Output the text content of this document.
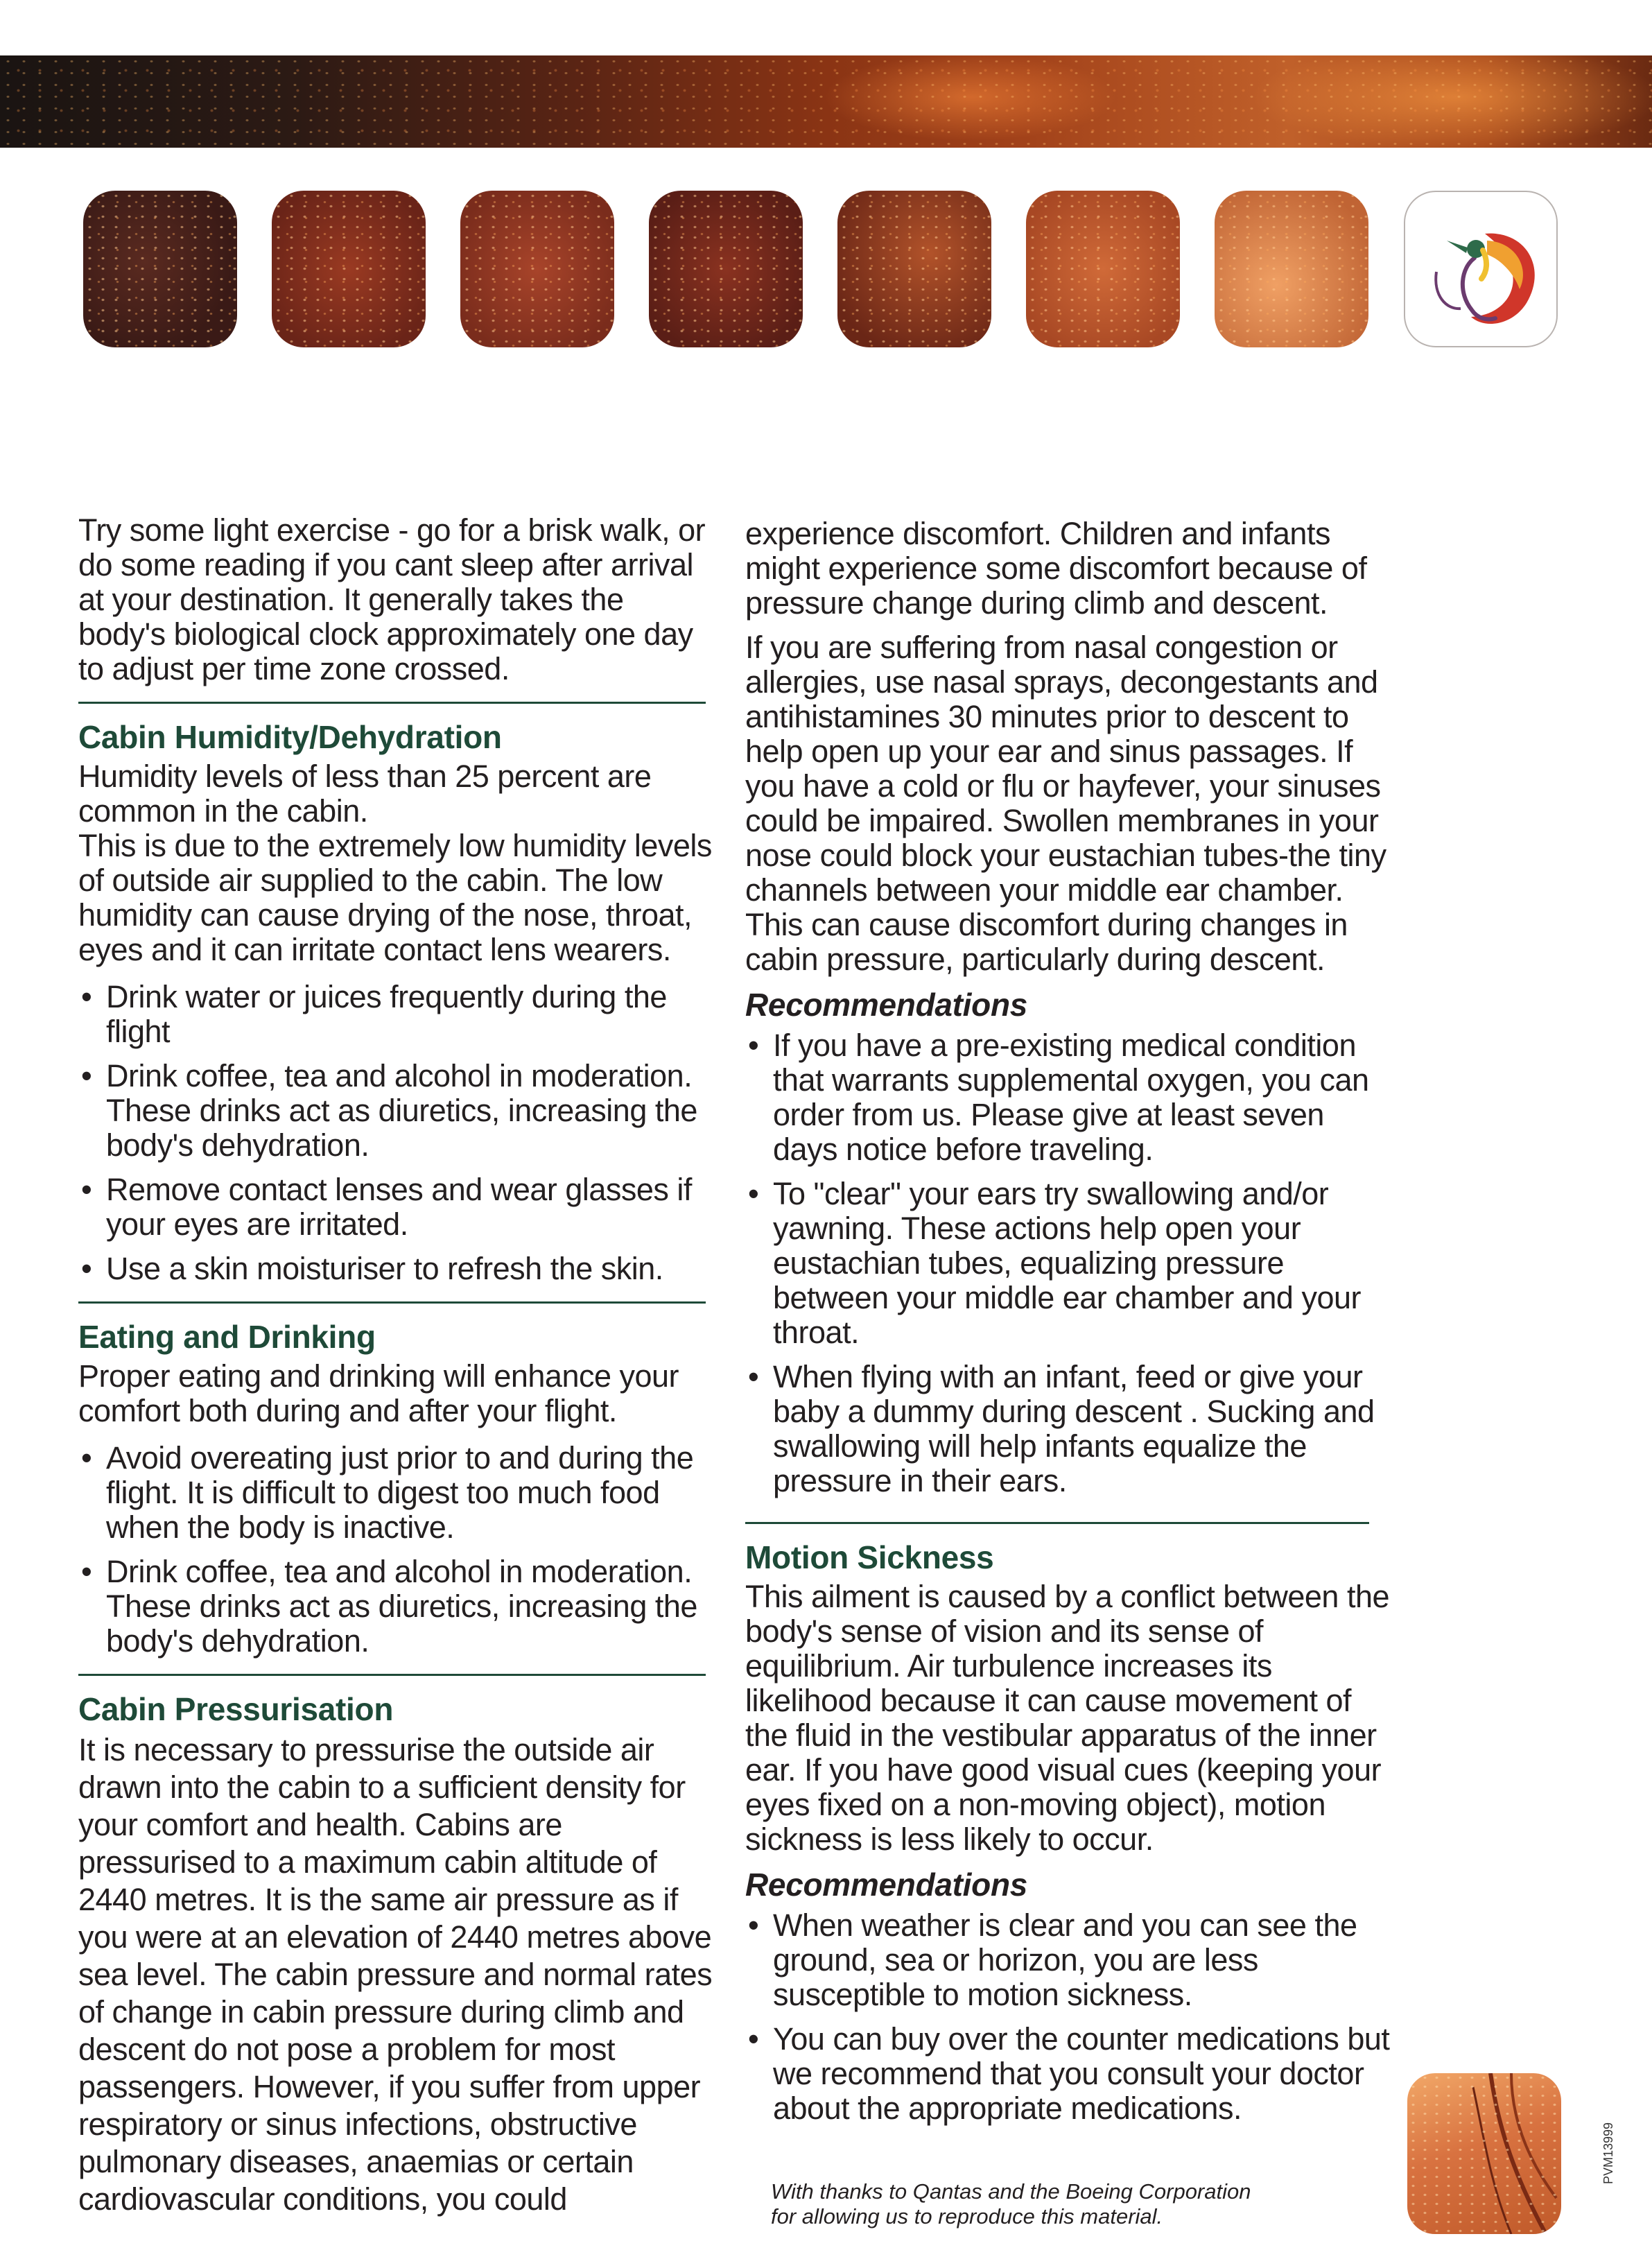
Try some light exercise - go for a brisk walk, or do some reading if you cant sleep after arrival at your destination. It generally takes the body's biological clock approximately one day to adjust per time zone crossed.

Cabin Humidity/Dehydration

Humidity levels of less than 25 percent are common in the cabin.

This is due to the extremely low humidity levels of outside air supplied to the cabin. The low humidity can cause drying of the nose, throat, eyes and it can irritate contact lens wearers.

• Drink water or juices frequently during the flight
• Drink coffee, tea and alcohol in moderation. These drinks act as diuretics, increasing the body's dehydration.
• Remove contact lenses and wear glasses if your eyes are irritated.
• Use a skin moisturiser to refresh the skin.
Eating and Drinking

Proper eating and drinking will enhance your comfort both during and after your flight.

• Avoid overeating just prior to and during the flight. It is difficult to digest too much food when the body is inactive.
• Drink coffee, tea and alcohol in moderation. These drinks act as diuretics, increasing the body's dehydration.
Cabin Pressurisation

It is necessary to pressurise the outside air drawn into the cabin to a sufficient density for your comfort and health. Cabins are pressurised to a maximum cabin altitude of 2440 metres. It is the same air pressure as if you were at an elevation of 2440 metres above sea level. The cabin pressure and normal rates of change in cabin pressure during climb and descent do not pose a problem for most passengers. However, if you suffer from upper respiratory or sinus infections, obstructive pulmonary diseases, anaemias or certain cardiovascular conditions, you could

experience discomfort. Children and infants might experience some discomfort because of pressure change during climb and descent.

If you are suffering from nasal congestion or allergies, use nasal sprays, decongestants and antihistamines 30 minutes prior to descent to help open up your ear and sinus passages. If you have a cold or flu or hayfever, your sinuses could be impaired. Swollen membranes in your nose could block your eustachian tubes-the tiny channels between your middle ear chamber. This can cause discomfort during changes in cabin pressure, particularly during descent.

Recommendations
• If you have a pre-existing medical condition that warrants supplemental oxygen, you can order from us. Please give at least seven days notice before traveling.
• To "clear" your ears try swallowing and/or yawning. These actions help open your eustachian tubes, equalizing pressure between your middle ear chamber and your throat.
• When flying with an infant, feed or give your baby a dummy during descent . Sucking and swallowing will help infants equalize the pressure in their ears.
Motion Sickness

This ailment is caused by a conflict between the body's sense of vision and its sense of equilibrium. Air turbulence increases its likelihood because it can cause movement of the fluid in the vestibular apparatus of the inner ear. If you have good visual cues (keeping your eyes fixed on a non-moving object), motion sickness is less likely to occur.

Recommendations
• When weather is clear and you can see the ground, sea or horizon, you are less susceptible to motion sickness.
• You can buy over the counter medications but we recommend that you consult your doctor about the appropriate medications.
With thanks to Qantas and the Boeing Corporation
for allowing us to reproduce this material.
PVM13999
